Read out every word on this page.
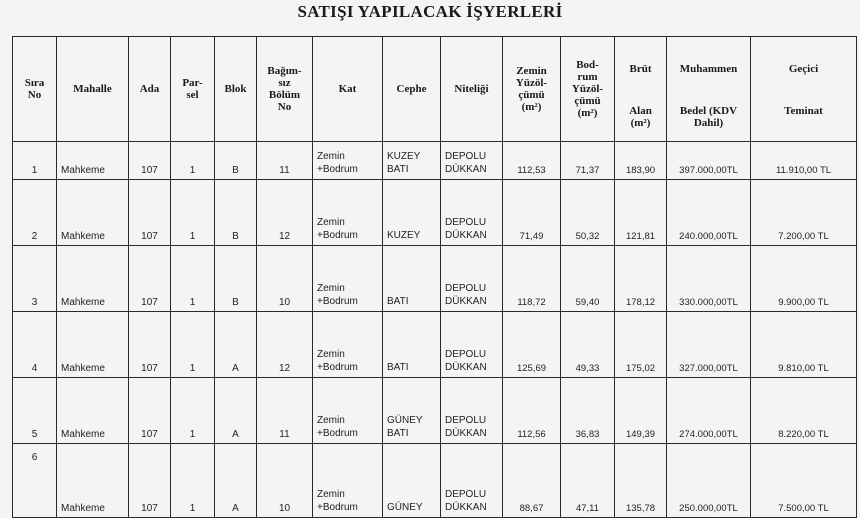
SATIŞI YAPILACAK İŞYERLERİ
Sıra
No	Mahalle	Ada	Par-
sel	Blok	Bağım-
sız
Bölüm
No	Kat	Cephe	Niteliği	Zemin
Yüzöl-
çümü
(m²)	Bod-
rum
Yüzöl-
çümü
(m²)	Brüt

Alan
(m²)	Muhammen

Bedel (KDV
Dahil)	Geçici

Teminat

1	Mahkeme	107	1	B	11	Zemin
+Bodrum	KUZEY
BATI	DEPOLU
DÜKKAN	112,53	71,37	183,90	397.000,00TL	11.910,00 TL
2	Mahkeme	107	1	B	12	Zemin
+Bodrum	KUZEY	DEPOLU
DÜKKAN	71,49	50,32	121,81	240.000,00TL	7.200,00 TL
3	Mahkeme	107	1	B	10	Zemin
+Bodrum	BATI	DEPOLU
DÜKKAN	118,72	59,40	178,12	330.000,00TL	9.900,00 TL
4	Mahkeme	107	1	A	12	Zemin
+Bodrum	BATI	DEPOLU
DÜKKAN	125,69	49,33	175,02	327.000,00TL	9.810,00 TL
5	Mahkeme	107	1	A	11	Zemin
+Bodrum	GÜNEY
BATI	DEPOLU
DÜKKAN	112,56	36,83	149,39	274.000,00TL	8.220,00 TL
6	Mahkeme	107	1	A	10	Zemin
+Bodrum	GÜNEY	DEPOLU
DÜKKAN	88,67	47,11	135,78	250.000,00TL	7.500,00 TL
